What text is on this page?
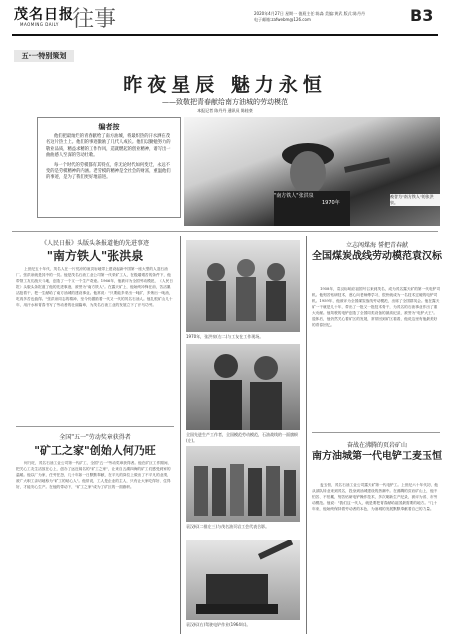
茂名日报
MAOMING DAILY 往事	2020年4月27日 星期一 值班主任:陈淼 美编:黄武 版式:陈丹丹
电子邮箱:zafwebm@126.com	B3
五·一特别策划
昨夜星辰 魅力永恒
——致敬把青春献给南方油城的劳动模范
本报记者 陈丹丹 通讯员 陈桂豪
编者按
他们把最灿烂的青春献给了南方油城，将最炽热的汗水洒在茂名这片热土上。他们的事迹激励了几代人成长。他们以勤勉努力的敬业品质，精益求精的工作作风，造就燃起的创业精神，谱写出一曲曲感人至深的劳动壮歌。
每一个时代的劳模都有其特点，你无论时代如何变迁，永远不变的是劳模精神的内涵。老劳模的精神是全社会的财富，重温他们的事迹，是为了我们更好地前进。
"南方铁人"张洪泉
1970年
被誉为"南方铁人"的张洪泉。
《人民日报》头版头条报道他的先进事迹
"南方铁人"张洪泉
上世纪五十年代，茂名人在一片荒凉的油页岩地带上建设起新中国第一座大型的人造石油厂。张洪泉就是其中的一员。他是茂名石油工业公司第一代采矿工人，在极端艰苦的条件下，他带领工友们战天斗地，创造了一个又一个生产奇迹。1966年，他被评为全国劳动模范，《人民日报》头版头条报道了他的先进事迹，被誉为"南方铁人"。在露天矿上，他始终冲锋在前，苦活累活抢着干，把一生献给了南方油城的建设事业。他常说："只要能多采出一吨矿，多炼出一吨油，吃再多苦也值得。"张洪泉同志的精神，至今仍激励着一代又一代的茂名石油人。他扎根矿山几十年，用汗水和青春书写了劳动者的壮丽篇章，为茂名石油工业的发展立下了汗马功劳。
全国"五一"劳动奖章获得者
"矿工之家"创始人何乃旺
何乃旺，茂名石油工业公司第一代矿工，全国"五一"劳动奖章获得者。他在矿区工作期间，把关心工友生活放在心上，创办了远近闻名的"矿工之家"，让来自五湖四海的矿工们感受到家的温暖。他以厂为家，任劳任怨，几十年如一日默默奉献，在平凡的岗位上做出了不平凡的业绩，被广大职工亲切地称为"矿工的贴心人"。他常说，工人是企业的主人，只有让大家吃得好、住得好，才能安心生产。在他的带动下，"矿工之家"成为了矿区的一面旗帜。
1970年，张洪泉(右二)与工友在工作现场。
全国先进生产工作者，全国模范劳动模范，石油战线的一面旗帜(左)。
袁汉标(二排左三)与茂名油页岩工会代表合影。
袁汉标(右)驾驶电铲作业(1964年)。
立志闯煤海 誓把青春献
全国煤炭战线劳动模范袁汉标
1958年，袁汉标响应祖国号召来到茂名，成为茂名露天矿的第一代电铲司机。他刻苦钻研技术，虚心向老师傅学习，很快就成为一名技术过硬的电铲司机。1959年，他被评为全国煤炭战线劳动模范，出席了全国群英会。他在露天矿一干就是几十年，带出了一批又一批技术骨干，为茂名的石油事业作出了重大贡献。他驾驶的电铲创造了全国同类设备的最高纪录，被誉为"电铲大王"。退休后，他仍然关心着矿区的发展，常常回到矿区看看，他说这里有他最美好的青春回忆。
奋战在沸腾的页岩矿山
南方油城第一代电铲工麦玉恒
麦玉恒，茂名石油工业公司露天矿第一代电铲工。上世纪六十年代初，他从部队转业来到茂名，投身到油城建设的热潮中。在沸腾的页岩矿山上，他不怕苦、不怕累，刻苦钻研电铲操作技术，多次刷新生产纪录，被评为省、市劳动模范。他说："我们这一代人，就是要把青春献给祖国最需要的地方。"几十年来，他始终保持着劳动者的本色，为油城的发展默默奉献着自己的力量。
